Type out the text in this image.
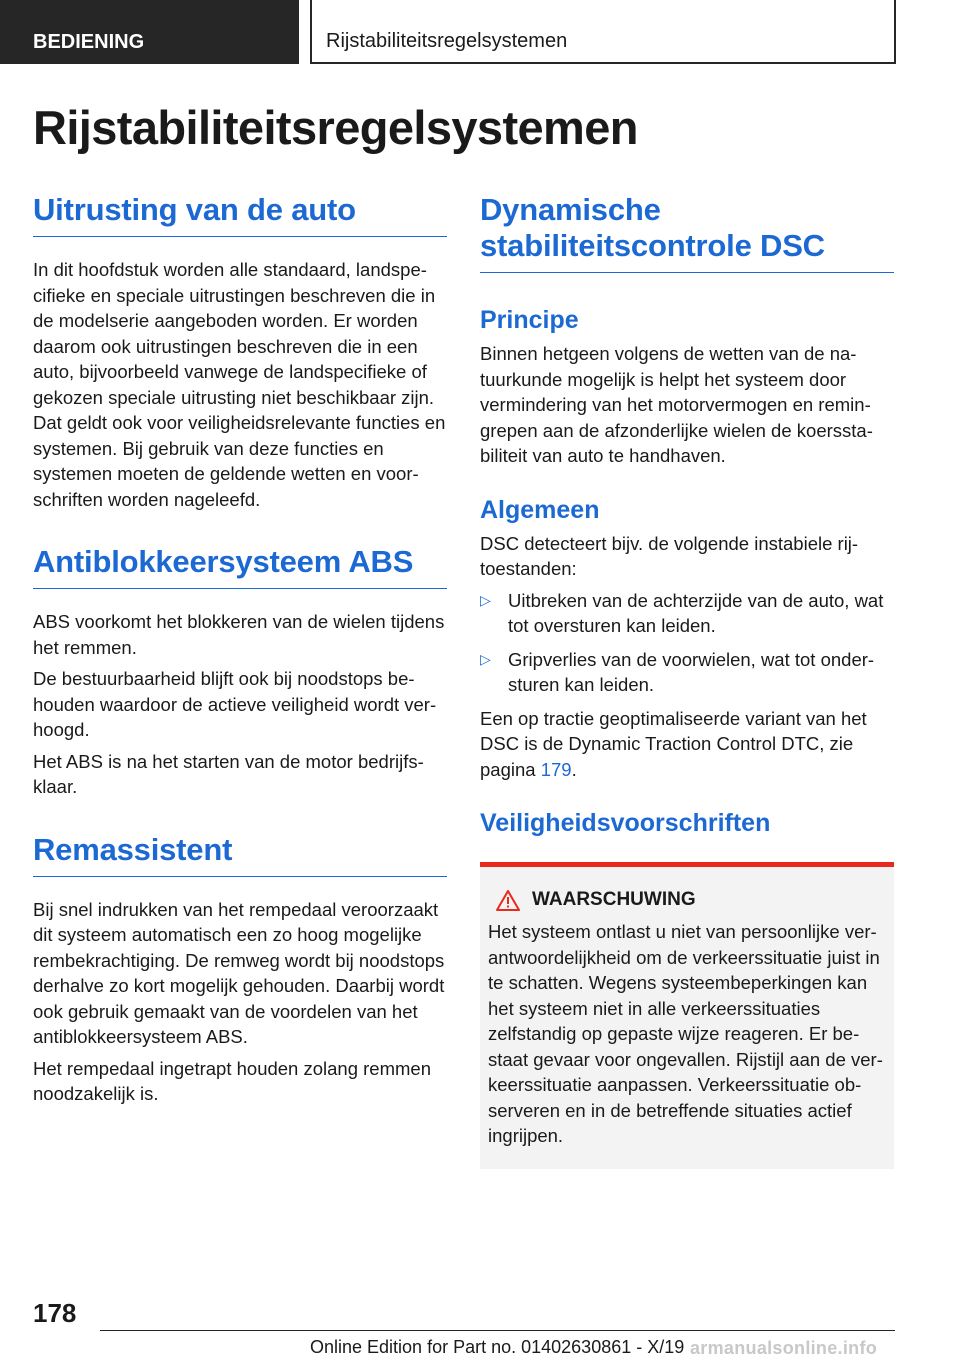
BEDIENING	Rijstabiliteitsregelsystemen
Rijstabiliteitsregelsystemen
Uitrusting van de auto

In dit hoofdstuk worden alle standaard, landspecifieke en speciale uitrustingen beschreven die in de modelserie aangeboden worden. Er worden daarom ook uitrustingen beschreven die in een auto, bijvoorbeeld vanwege de landspecifieke of gekozen speciale uitrusting niet beschikbaar zijn. Dat geldt ook voor veiligheidsrelevante functies en systemen. Bij gebruik van deze functies en systemen moeten de geldende wetten en voorschriften worden nageleefd.

Antiblokkeersysteem ABS

ABS voorkomt het blokkeren van de wielen tijdens het remmen.

De bestuurbaarheid blijft ook bij noodstops behouden waardoor de actieve veiligheid wordt verhoogd.

Het ABS is na het starten van de motor bedrijfsklaar.

Remassistent

Bij snel indrukken van het rempedaal veroorzaakt dit systeem automatisch een zo hoog mogelijke rembekrachtiging. De remweg wordt bij noodstops derhalve zo kort mogelijk gehouden. Daarbij wordt ook gebruik gemaakt van de voordelen van het antiblokkeersysteem ABS.

Het rempedaal ingetrapt houden zolang remmen noodzakelijk is.

Dynamische stabiliteitscontrole DSC
Principe

Binnen hetgeen volgens de wetten van de natuurkunde mogelijk is helpt het systeem door vermindering van het motorvermogen en remingrepen aan de afzonderlijke wielen de koersstabiliteit van auto te handhaven.

Algemeen

DSC detecteert bijv. de volgende instabiele rijtoestanden:

▷ Uitbreken van de achterzijde van de auto, wat tot oversturen kan leiden.
▷ Gripverlies van de voorwielen, wat tot ondersturen kan leiden.

Een op tractie geoptimaliseerde variant van het DSC is de Dynamic Traction Control DTC, zie pagina 179.

Veiligheidsvoorschriften
WAARSCHUWING

Het systeem ontlast u niet van persoonlijke verantwoordelijkheid om de verkeerssituatie juist in te schatten. Wegens systeembeperkingen kan het systeem niet in alle verkeerssituaties zelfstandig op gepaste wijze reageren. Er bestaat gevaar voor ongevallen. Rijstijl aan de verkeerssituatie aanpassen. Verkeerssituatie observeren en in de betreffende situaties actief ingrijpen.

178
Online Edition for Part no. 01402630861 - X/19 armanualsonline.info
